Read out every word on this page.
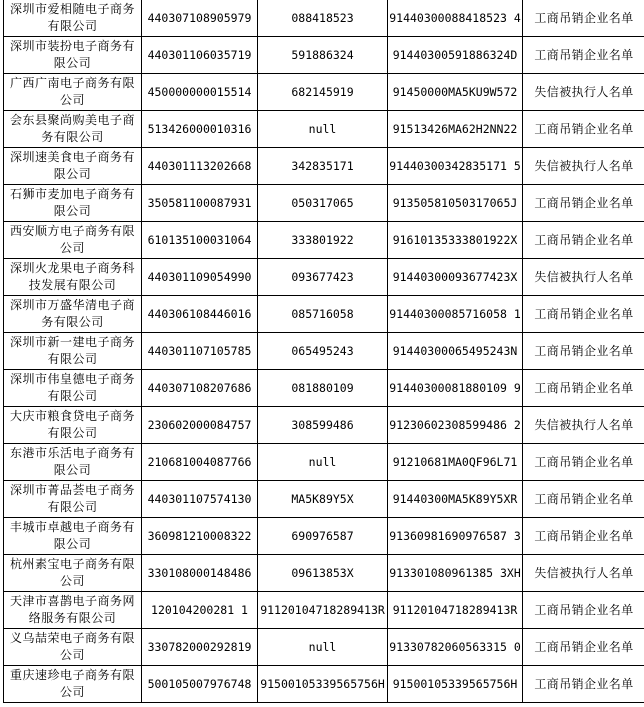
深圳市爱相随电子商务有限公司	440307108905979	088418523	91440300088418523 4	工商吊销企业名单
深圳市装扮电子商务有限公司	440301106035719	591886324	91440300591886324D	工商吊销企业名单
广西广南电子商务有限公司	450000000015514	682145919	91450000MA5KU9W572	失信被执行人名单
会东县聚尚购美电子商务有限公司	513426000010316	null	91513426MA62H2NN22	工商吊销企业名单
深圳速美食电子商务有限公司	440301113202668	342835171	91440300342835171 5	失信被执行人名单
石狮市麦加电子商务有限公司	350581100087931	050317065	91350581050317065J	工商吊销企业名单
西安顺方电子商务有限公司	610135100031064	333801922	91610135333801922X	工商吊销企业名单
深圳火龙果电子商务科技发展有限公司	440301109054990	093677423	91440300093677423X	失信被执行人名单
深圳市万盛华清电子商务有限公司	440306108446016	085716058	91440300085716058 1	工商吊销企业名单
深圳市新一建电子商务有限公司	440301107105785	065495243	91440300065495243N	工商吊销企业名单
深圳市伟皇德电子商务有限公司	440307108207686	081880109	91440300081880109 9	工商吊销企业名单
大庆市粮食贷电子商务有限公司	230602000084757	308599486	91230602308599486 2	失信被执行人名单
东港市乐活电子商务有限公司	210681004087766	null	91210681MA0QF96L71	工商吊销企业名单
深圳市菁品荟电子商务有限公司	440301107574130	MA5K89Y5X	91440300MA5K89Y5XR	工商吊销企业名单
丰城市卓越电子商务有限公司	360981210008322	690976587	91360981690976587 3	工商吊销企业名单
杭州素宝电子商务有限公司	330108000148486	09613853X	913301080961385 3XH	失信被执行人名单
天津市喜鹊电子商务网络服务有限公司	120104200281 1	91120104718289413R	91120104718289413R	工商吊销企业名单
义乌喆荣电子商务有限公司	330782000292819	null	91330782060563315 0	工商吊销企业名单
重庆速珍电子商务有限公司	500105007976748	91500105339565756H	91500105339565756H	工商吊销企业名单
